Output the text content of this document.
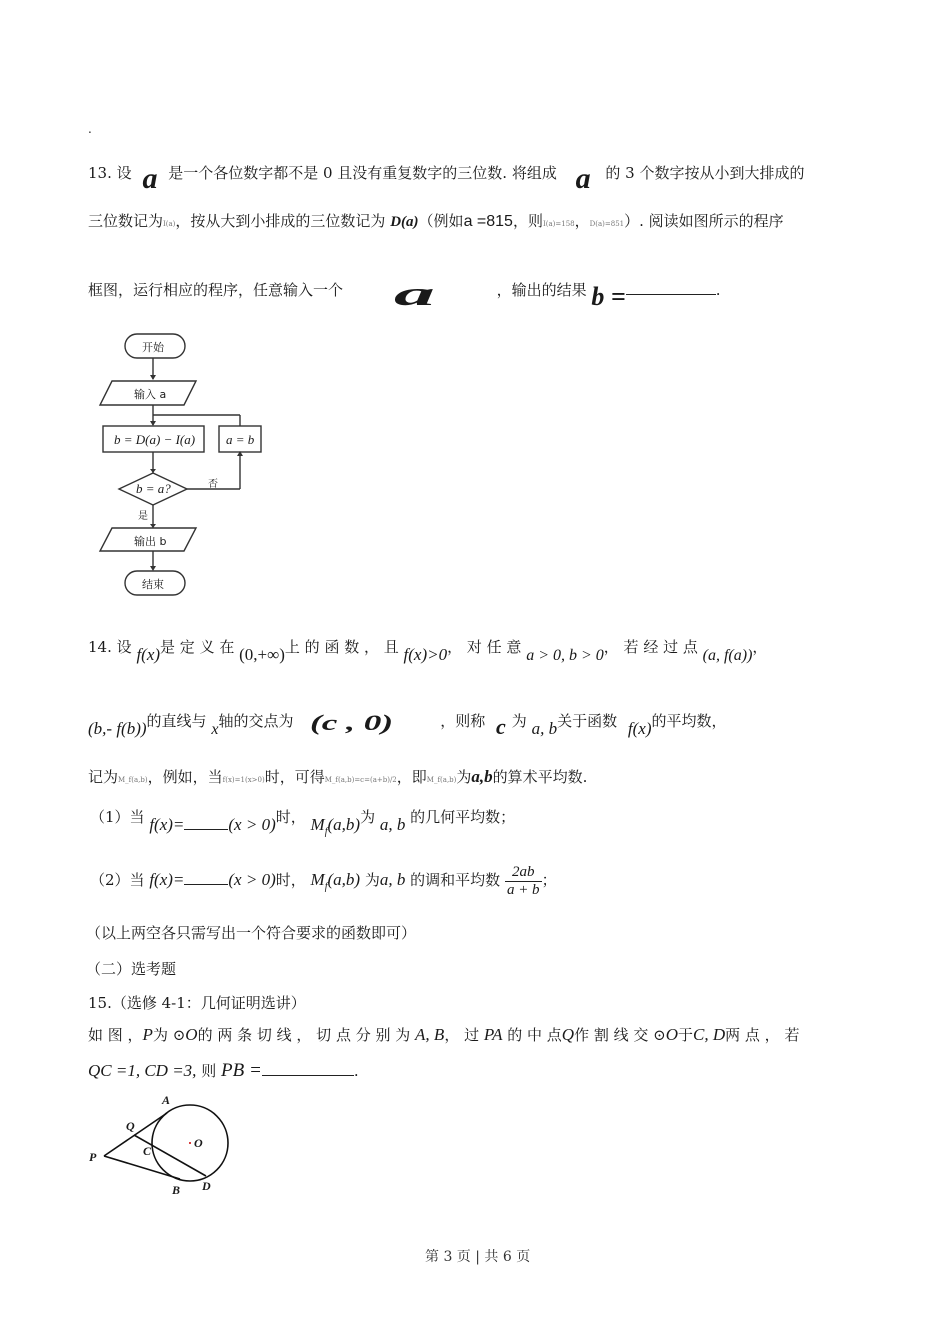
.
13. 设 a 是一个各位数字都不是 0 且没有重复数字的三位数. 将组成 a 的 3 个数字按从小到大排成的
三位数记为I(a)，按从大到小排成的三位数记为 D(a)（例如a =815，则I(a)=158，D(a)=851）. 阅读如图所示的程序
框图，运行相应的程序，任意输入一个 a	，输出的结果 b =	.
开始
输入 a
b = D(a) − I(a) a = b
b = a?	否
是
输出 b
结束
14. 设 f(x)是 定 义 在 (0,+∞)上 的 函 数 ， 且 f(x)>0， 对 任 意 a > 0, b > 0， 若 经 过 点 (a, f(a))，
(b,- f(b))的直线与 x轴的交点为 (c , 0)	，则称 c 为 a, b关于函数 f(x)的平均数，
记为M_f(a,b)，例如，当f(x)=1(x>0)时，可得M_f(a,b)=c=(a+b)/2，即M_f(a,b)为a,b的算术平均数.
（1）当 f(x)=	(x > 0)时， $M_f(a,b)$为 a, b 的几何平均数；
（2）当 f(x)=	(x > 0)时， $M_f(a,b)$ 为a, b 的调和平均数 $\frac{2ab}{a + b}$ ；
（以上两空各只需写出一个符合要求的函数即可）
（二）选考题
15.（选修 4-1：几何证明选讲）
如 图 ，P为 ⊙O的 两 条 切 线 ， 切 点 分 别 为 A, B， 过 PA 的 中 点Q作 割 线 交 ⊙O于C, D两 点 ， 若
QC =1, CD =3, 则 PB =	.
A
Q
P	C
O
B D
第 3 页 | 共 6 页
